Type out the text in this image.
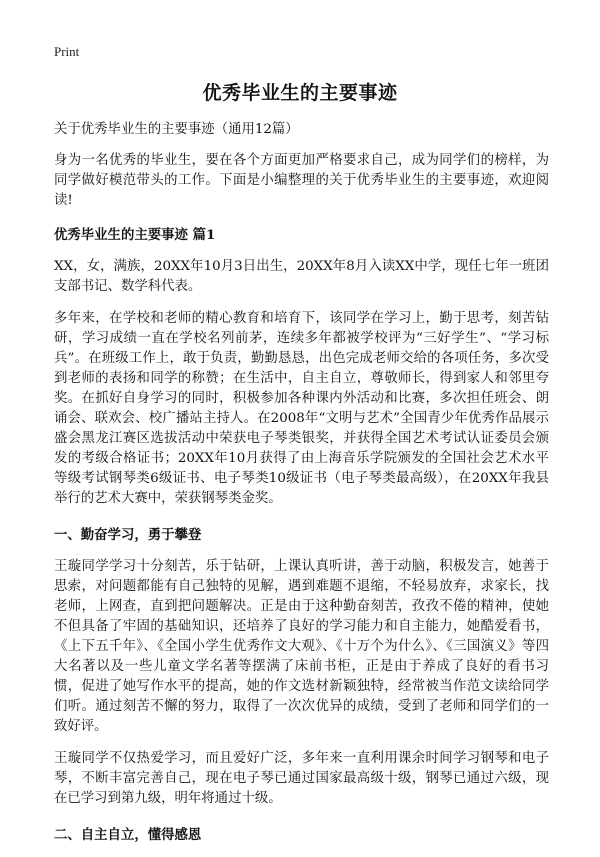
Print
优秀毕业生的主要事迹

关于优秀毕业生的主要事迹（通用12篇）

身为一名优秀的毕业生，要在各个方面更加严格要求自己，成为同学们的榜样，为同学做好模范带头的工作。下面是小编整理的关于优秀毕业生的主要事迹，欢迎阅读!

优秀毕业生的主要事迹 篇1

XX，女，满族，20XX年10月3日出生，20XX年8月入读XX中学，现任七年一班团支部书记、数学科代表。

多年来，在学校和老师的精心教育和培育下，该同学在学习上，勤于思考，刻苦钻研，学习成绩一直在学校名列前茅，连续多年都被学校评为“三好学生”、“学习标兵”。在班级工作上，敢于负责，勤勤恳恳，出色完成老师交给的各项任务，多次受到老师的表扬和同学的称赞；在生活中，自主自立，尊敬师长，得到家人和邻里夸奖。在抓好自身学习的同时，积极参加各种课内外活动和比赛，多次担任班会、朗诵会、联欢会、校广播站主持人。在2008年“文明与艺术”全国青少年优秀作品展示盛会黑龙江赛区选拔活动中荣获电子琴类银奖，并获得全国艺术考试认证委员会颁发的考级合格证书；20XX年10月获得了由上海音乐学院颁发的全国社会艺术水平等级考试钢琴类6级证书、电子琴类10级证书（电子琴类最高级），在20XX年我县举行的艺术大赛中，荣获钢琴类金奖。

一、勤奋学习，勇于攀登

王璇同学学习十分刻苦，乐于钻研，上课认真听讲，善于动脑，积极发言，她善于思索，对问题都能有自己独特的见解，遇到难题不退缩，不轻易放弃，求家长，找老师，上网查，直到把问题解决。正是由于这种勤奋刻苦，孜孜不倦的精神，使她不但具备了牢固的基础知识，还培养了良好的学习能力和自主能力，她酷爱看书，《上下五千年》、《全国小学生优秀作文大观》、《十万个为什么》、《三国演义》等四大名著以及一些儿童文学名著等摆满了床前书柜，正是由于养成了良好的看书习惯，促进了她写作水平的提高，她的作文选材新颖独特，经常被当作范文读给同学们听。通过刻苦不懈的努力，取得了一次次优异的成绩，受到了老师和同学们的一致好评。

王璇同学不仅热爱学习，而且爱好广泛，多年来一直利用课余时间学习钢琴和电子琴，不断丰富完善自己，现在电子琴已通过国家最高级十级，钢琴已通过六级，现在已学习到第九级，明年将通过十级。

二、自主自立，懂得感恩
